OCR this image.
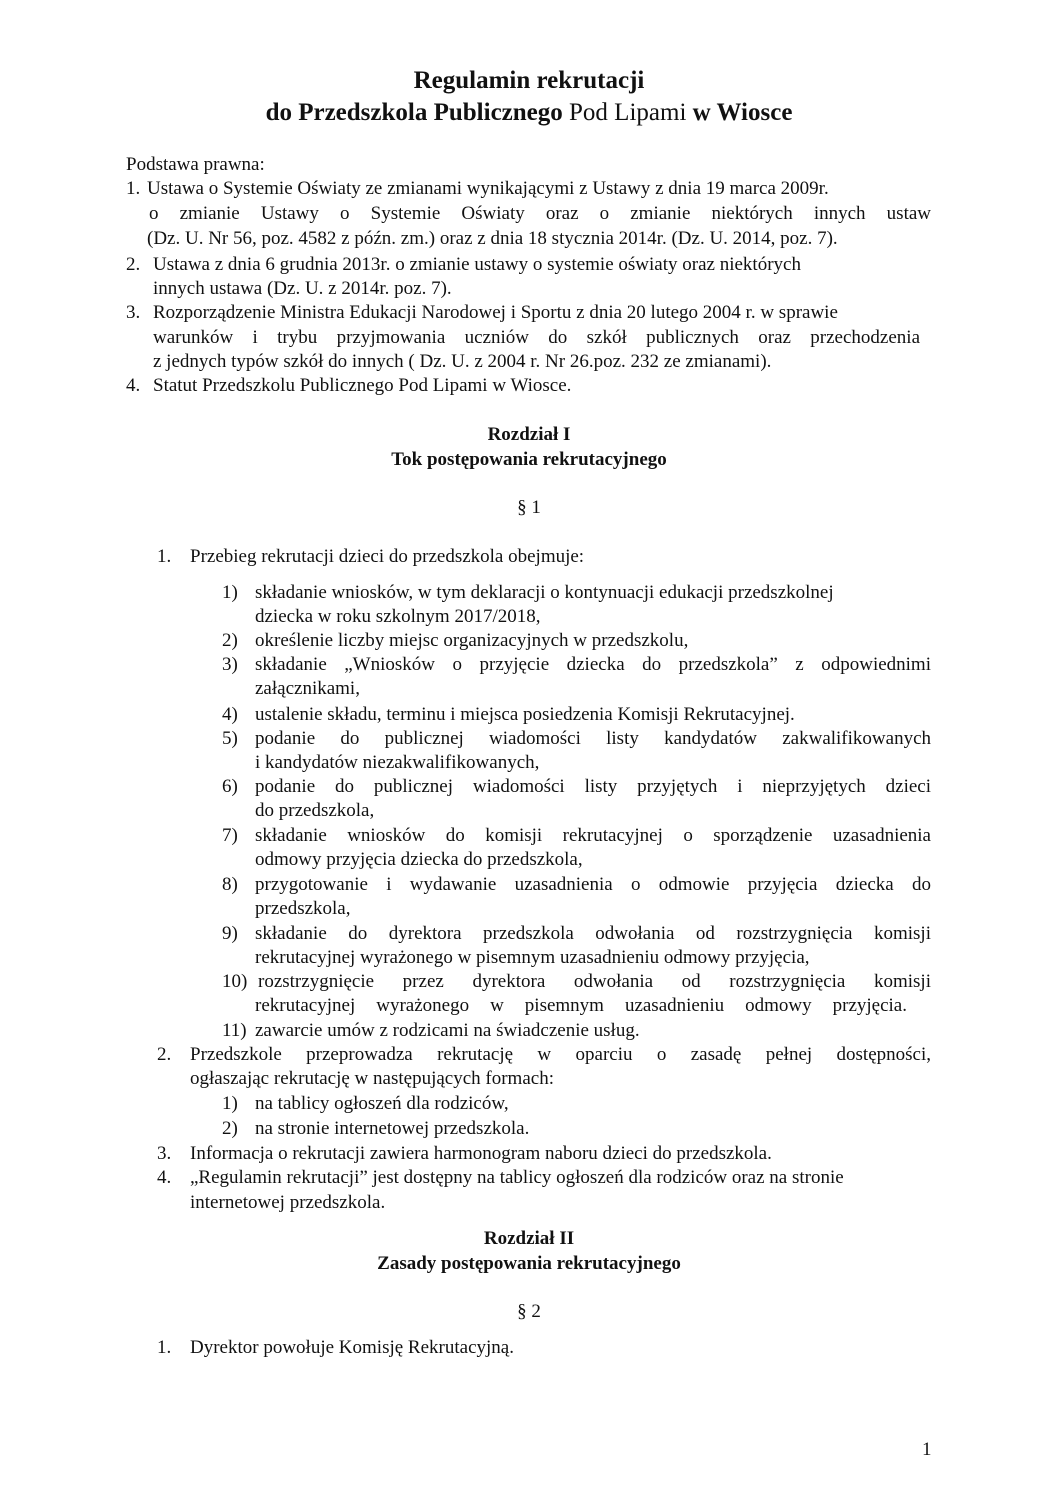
Regulamin rekrutacji
do Przedszkola Publicznego Pod Lipami w Wiosce
Podstawa prawna:
1. Ustawa o Systemie Oświaty ze zmianami wynikającymi z Ustawy z dnia 19 marca 2009r.
o zmianie Ustawy o Systemie Oświaty oraz o zmianie niektórych innych ustaw
(Dz. U. Nr 56, poz. 4582 z późn. zm.) oraz z dnia 18 stycznia 2014r. (Dz. U. 2014, poz. 7).
2. Ustawa z dnia 6 grudnia 2013r. o zmianie ustawy o systemie oświaty oraz niektórych
innych ustawa (Dz. U. z 2014r. poz. 7).
3. Rozporządzenie Ministra Edukacji Narodowej i Sportu z dnia 20 lutego 2004 r. w sprawie
warunków i trybu przyjmowania uczniów do szkół publicznych oraz przechodzenia
z jednych typów szkół do innych ( Dz. U. z 2004 r. Nr 26.poz. 232 ze zmianami).
4. Statut Przedszkolu Publicznego Pod Lipami w Wiosce.
Rozdział I
Tok postępowania rekrutacyjnego
§ 1
1. Przebieg rekrutacji dzieci do przedszkola obejmuje:
1) składanie wniosków, w tym deklaracji o kontynuacji edukacji przedszkolnej
dziecka w roku szkolnym 2017/2018,
2) określenie liczby miejsc organizacyjnych w przedszkolu,
3) składanie „Wniosków o przyjęcie dziecka do przedszkola” z odpowiednimi
załącznikami,
4) ustalenie składu, terminu i miejsca posiedzenia Komisji Rekrutacyjnej.
5) podanie do publicznej wiadomości listy kandydatów zakwalifikowanych
i kandydatów niezakwalifikowanych,
6) podanie do publicznej wiadomości listy przyjętych i nieprzyjętych dzieci
do przedszkola,
7) składanie wniosków do komisji rekrutacyjnej o sporządzenie uzasadnienia
odmowy przyjęcia dziecka do przedszkola,
8) przygotowanie i wydawanie uzasadnienia o odmowie przyjęcia dziecka do
przedszkola,
9) składanie do dyrektora przedszkola odwołania od rozstrzygnięcia komisji
rekrutacyjnej wyrażonego w pisemnym uzasadnieniu odmowy przyjęcia,
10) rozstrzygnięcie przez dyrektora odwołania od rozstrzygnięcia komisji
rekrutacyjnej wyrażonego w pisemnym uzasadnieniu odmowy przyjęcia.
11) zawarcie umów z rodzicami na świadczenie usług.
2. Przedszkole przeprowadza rekrutację w oparciu o zasadę pełnej dostępności,
ogłaszając rekrutację w następujących formach:
1) na tablicy ogłoszeń dla rodziców,
2) na stronie internetowej przedszkola.
3. Informacja o rekrutacji zawiera harmonogram naboru dzieci do przedszkola.
4. „Regulamin rekrutacji” jest dostępny na tablicy ogłoszeń dla rodziców oraz na stronie
internetowej przedszkola.
Rozdział II
Zasady postępowania rekrutacyjnego
§ 2
1. Dyrektor powołuje Komisję Rekrutacyjną.
1
